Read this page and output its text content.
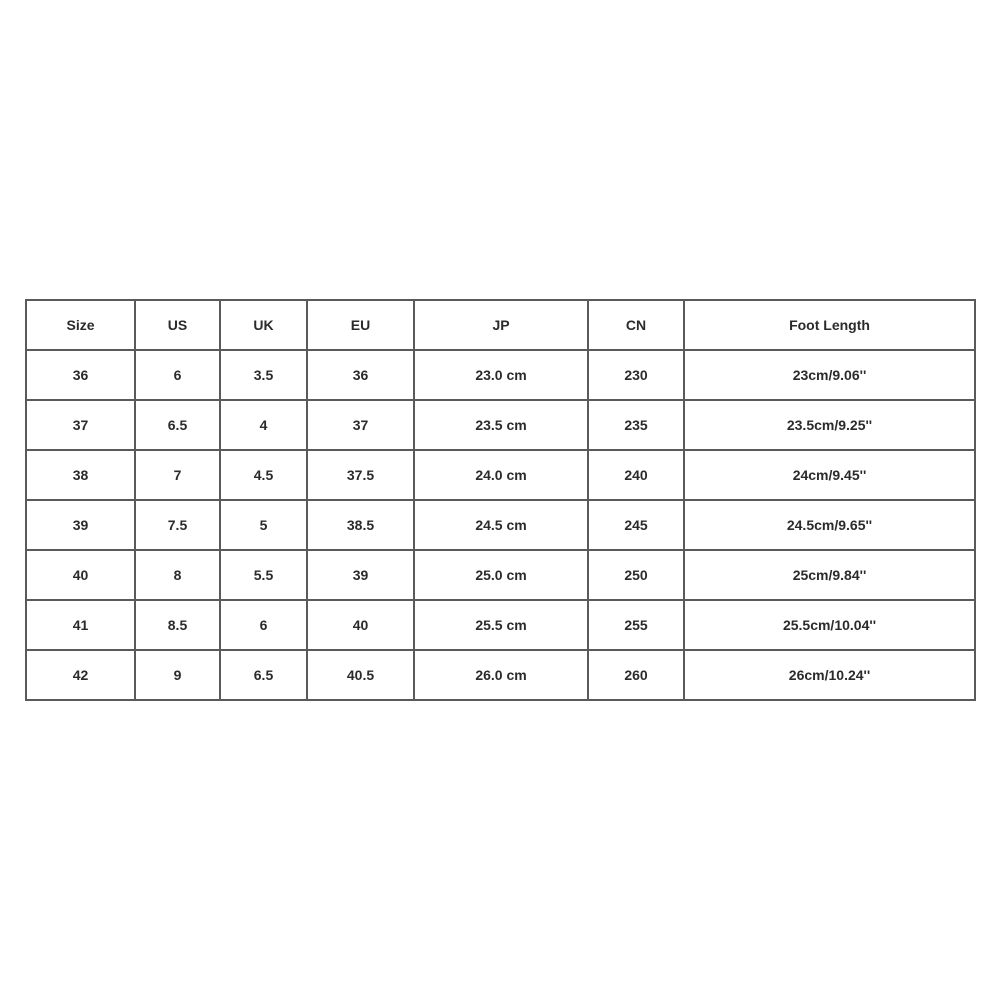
Size	US	UK	EU	JP	CN	Foot Length
36	6	3.5	36	23.0 cm	230	23cm/9.06''
37	6.5	4	37	23.5 cm	235	23.5cm/9.25''
38	7	4.5	37.5	24.0 cm	240	24cm/9.45''
39	7.5	5	38.5	24.5 cm	245	24.5cm/9.65''
40	8	5.5	39	25.0 cm	250	25cm/9.84''
41	8.5	6	40	25.5 cm	255	25.5cm/10.04''
42	9	6.5	40.5	26.0 cm	260	26cm/10.24''
